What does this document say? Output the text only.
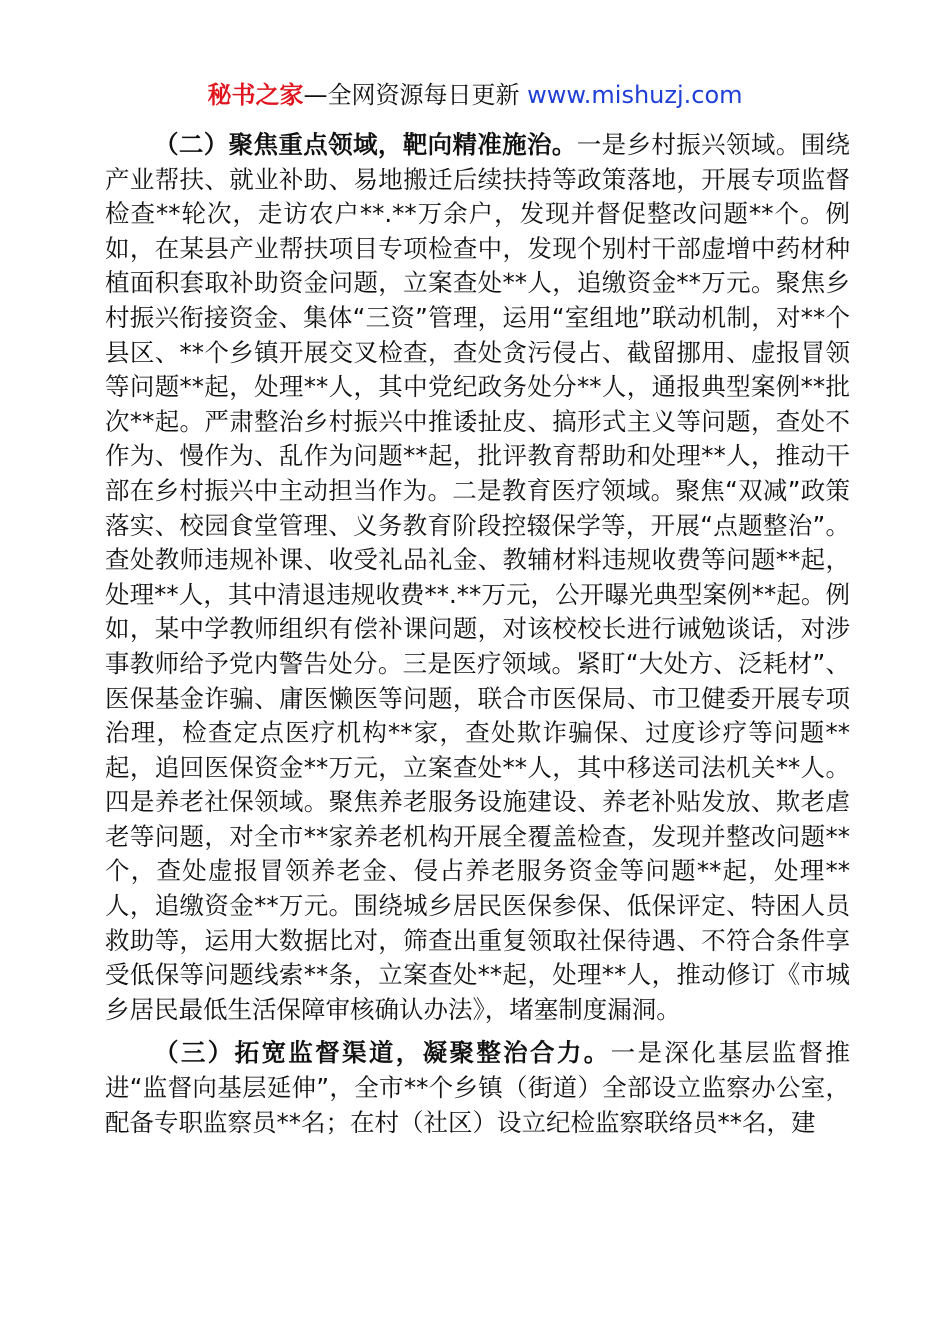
秘书之家—全网资源每日更新 www.mishuzj.com

（二）聚焦重点领域，靶向精准施治。一是乡村振兴领域。围绕产业帮扶、就业补助、易地搬迁后续扶持等政策落地，开展专项监督检查**轮次，走访农户**.**万余户，发现并督促整改问题**个。例如，在某县产业帮扶项目专项检查中，发现个别村干部虚增中药材种植面积套取补助资金问题，立案查处**人，追缴资金**万元。聚焦乡村振兴衔接资金、集体“三资”管理，运用“室组地”联动机制，对**个县区、**个乡镇开展交叉检查，查处贪污侵占、截留挪用、虚报冒领等问题**起，处理**人，其中党纪政务处分**人，通报典型案例**批次**起。严肃整治乡村振兴中推诿扯皮、搞形式主义等问题，查处不作为、慢作为、乱作为问题**起，批评教育帮助和处理**人，推动干部在乡村振兴中主动担当作为。二是教育医疗领域。聚焦“双减”政策落实、校园食堂管理、义务教育阶段控辍保学等，开展“点题整治”。查处教师违规补课、收受礼品礼金、教辅材料违规收费等问题**起，处理**人，其中清退违规收费**.**万元，公开曝光典型案例**起。例如，某中学教师组织有偿补课问题，对该校校长进行诫勉谈话，对涉事教师给予党内警告处分。三是医疗领域。紧盯“大处方、泛耗材”、医保基金诈骗、庸医懒医等问题，联合市医保局、市卫健委开展专项治理，检查定点医疗机构**家，查处欺诈骗保、过度诊疗等问题**起，追回医保资金**万元，立案查处**人，其中移送司法机关**人。四是养老社保领域。聚焦养老服务设施建设、养老补贴发放、欺老虐老等问题，对全市**家养老机构开展全覆盖检查，发现并整改问题**个，查处虚报冒领养老金、侵占养老服务资金等问题**起，处理**人，追缴资金**万元。围绕城乡居民医保参保、低保评定、特困人员救助等，运用大数据比对，筛查出重复领取社保待遇、不符合条件享受低保等问题线索**条，立案查处**起，处理**人，推动修订《市城乡居民最低生活保障审核确认办法》，堵塞制度漏洞。

（三）拓宽监督渠道，凝聚整治合力。一是深化基层监督推进“监督向基层延伸”，全市**个乡镇（街道）全部设立监察办公室，配备专职监察员**名；在村（社区）设立纪检监察联络员**名，建
